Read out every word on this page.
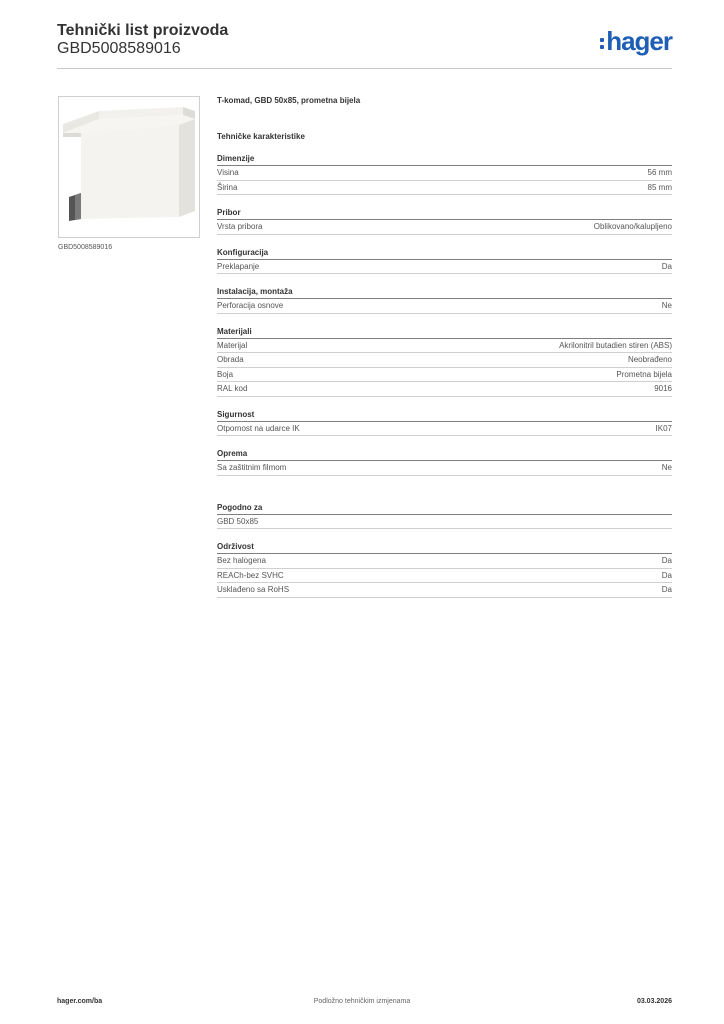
Tehnički list proizvoda
GBD5008589016	hager
GBD5008589016
T-komad, GBD 50x85, prometna bijela
Tehničke karakteristike
Dimenzije
Visina	56 mm
Širina	85 mm
Pribor
Vrsta pribora	Oblikovano/kalupljeno
Konfiguracija
Preklapanje	Da
Instalacija, montaža
Perforacija osnove	Ne
Materijali
Materijal	Akrilonitril butadien stiren (ABS)
Obrada	Neobrađeno
Boja	Prometna bijela
RAL kod	9016
Sigurnost
Otpornost na udarce IK	IK07
Oprema
Sa zaštitnim filmom	Ne
Pogodno za
GBD 50x85
Održivost
Bez halogena	Da
REACh-bez SVHC	Da
Usklađeno sa RoHS	Da
hager.com/ba	Podložno tehničkim izmjenama	03.03.2026
